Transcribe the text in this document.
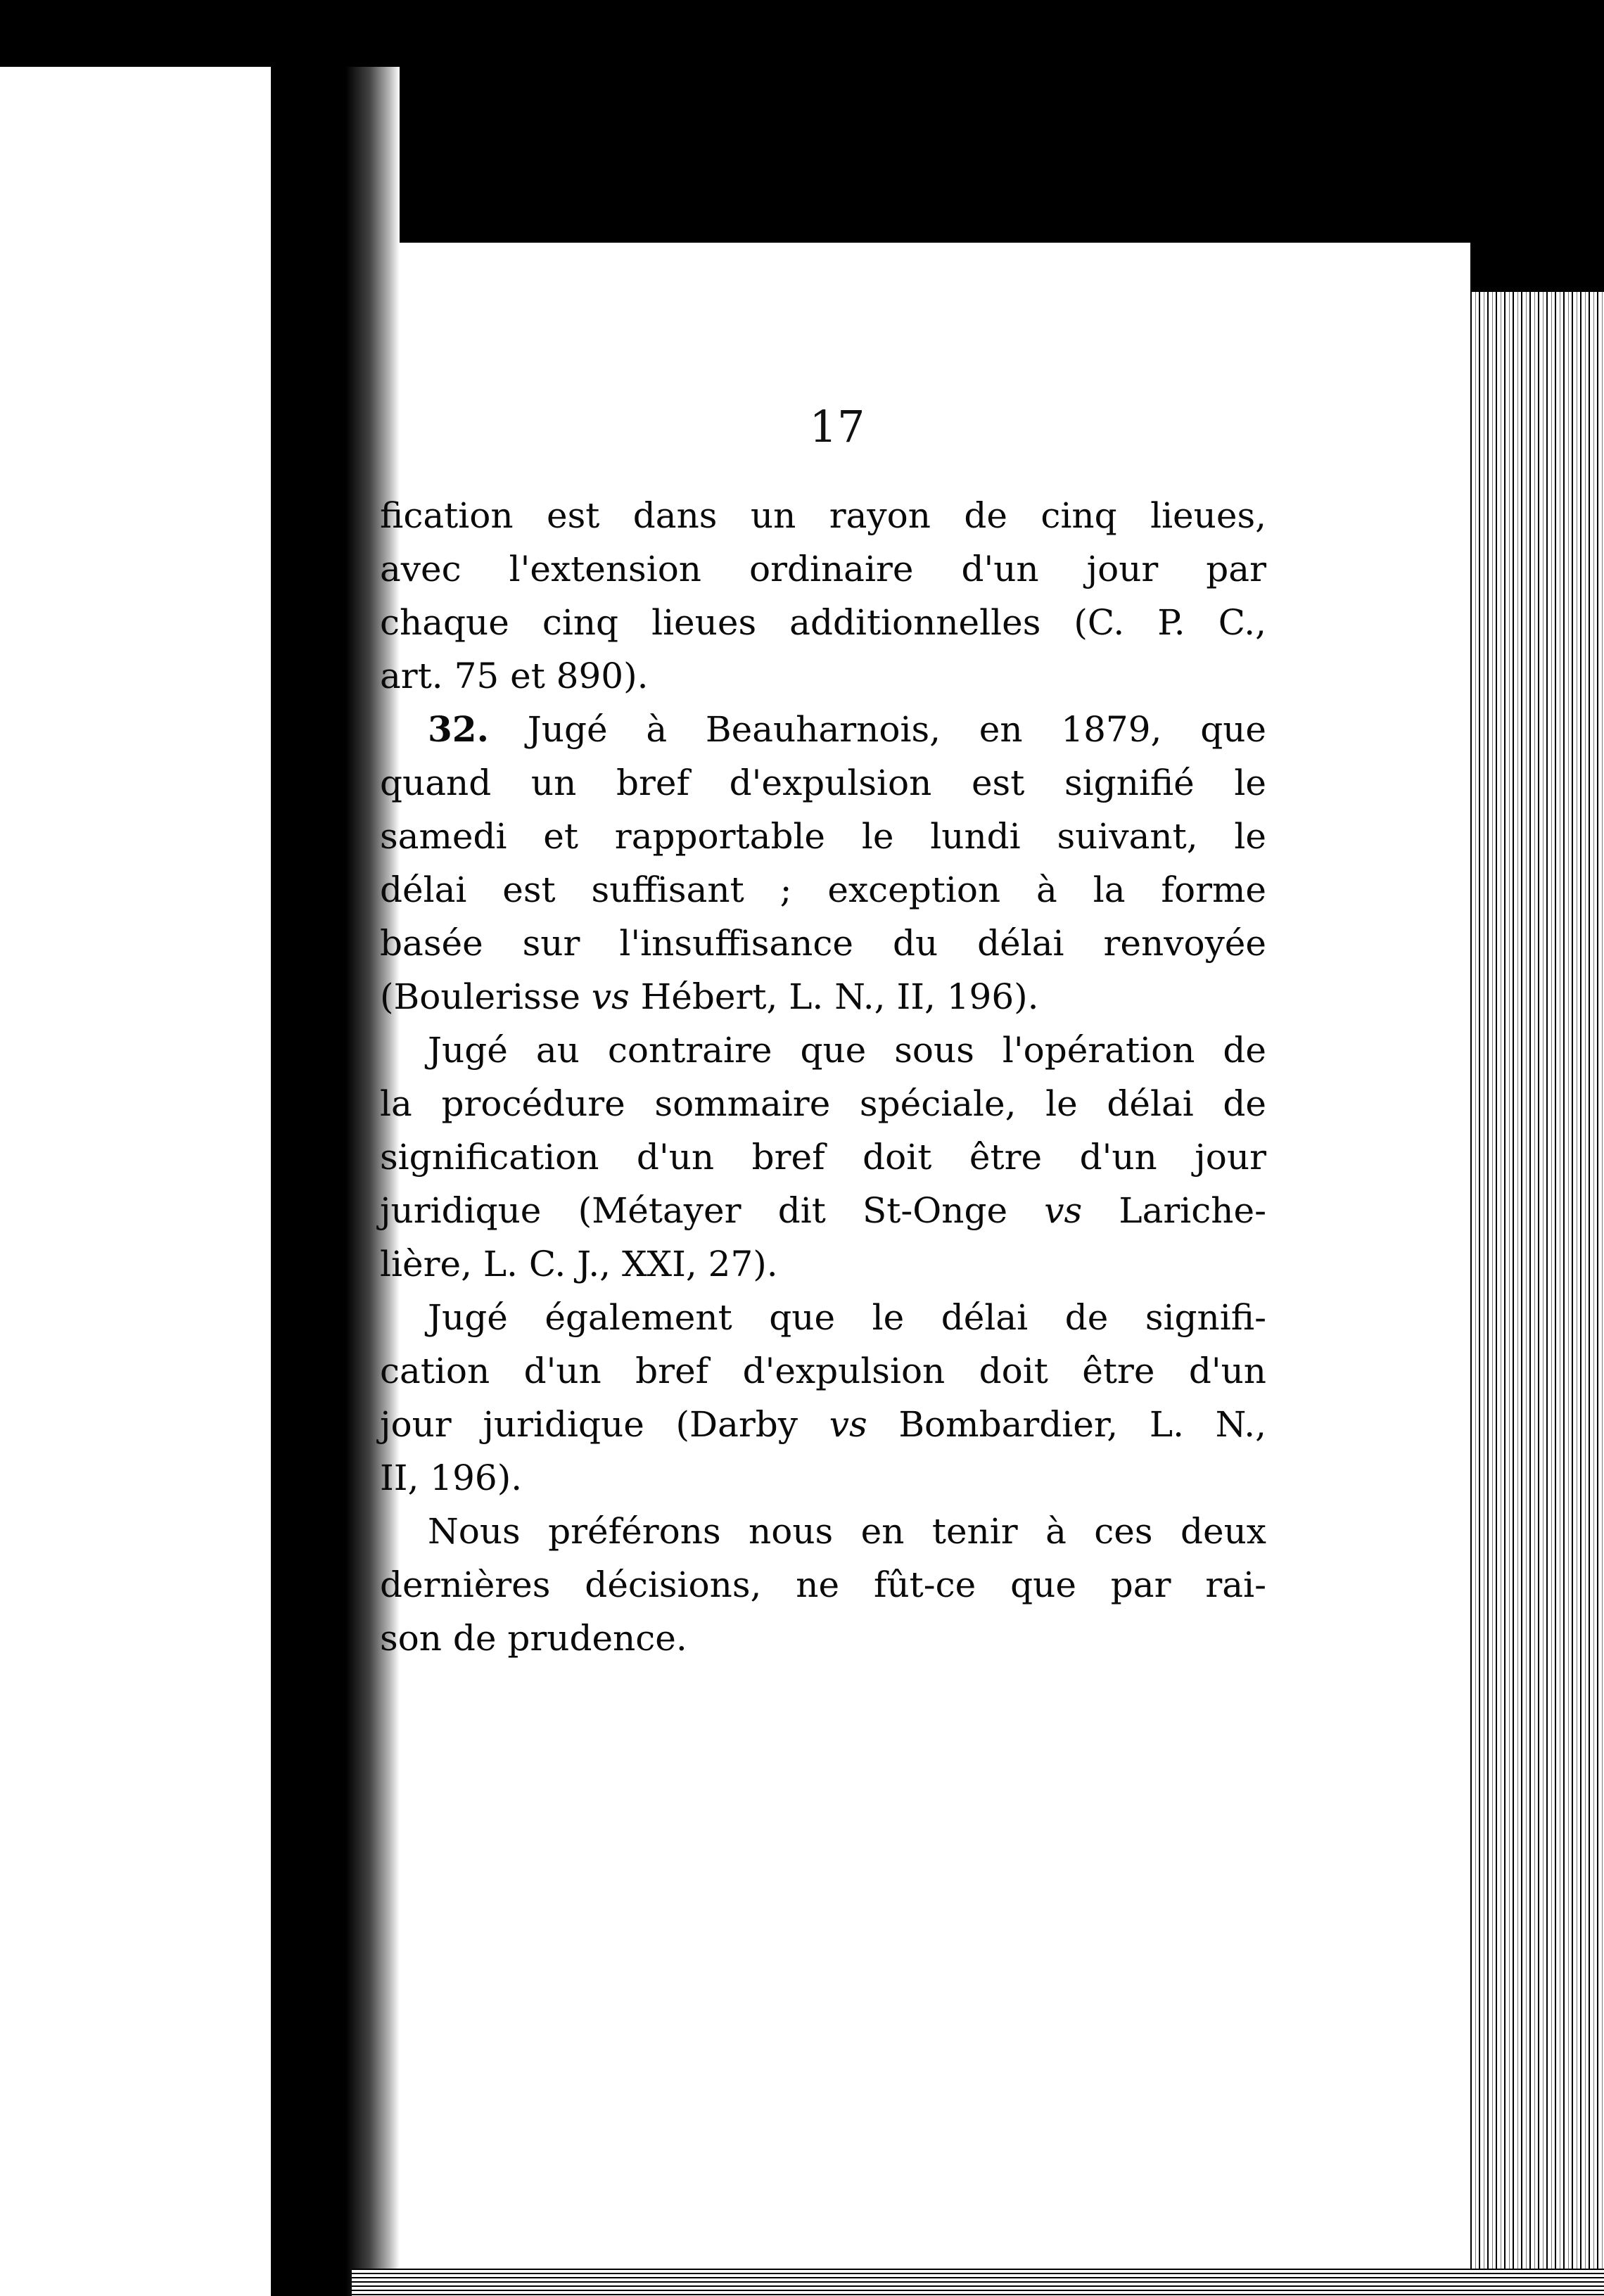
17
fication est dans un rayon de cinq lieues,
avec l'extension ordinaire d'un jour par
chaque cinq lieues additionnelles (C. P. C.,
art. 75 et 890).
32. Jugé à Beauharnois, en 1879, que
quand un bref d'expulsion est signifié le
samedi et rapportable le lundi suivant, le
délai est suffisant ; exception à la forme
basée sur l'insuffisance du délai renvoyée
(Boulerisse vs Hébert, L. N., II, 196).
Jugé au contraire que sous l'opération de
la procédure sommaire spéciale, le délai de
signification d'un bref doit être d'un jour
juridique (Métayer dit St-Onge vs Lariche-
lière, L. C. J., XXI, 27).
Jugé également que le délai de signifi-
cation d'un bref d'expulsion doit être d'un
jour juridique (Darby vs Bombardier, L. N.,
II, 196).
Nous préférons nous en tenir à ces deux
dernières décisions, ne fût-ce que par rai-
son de prudence.
